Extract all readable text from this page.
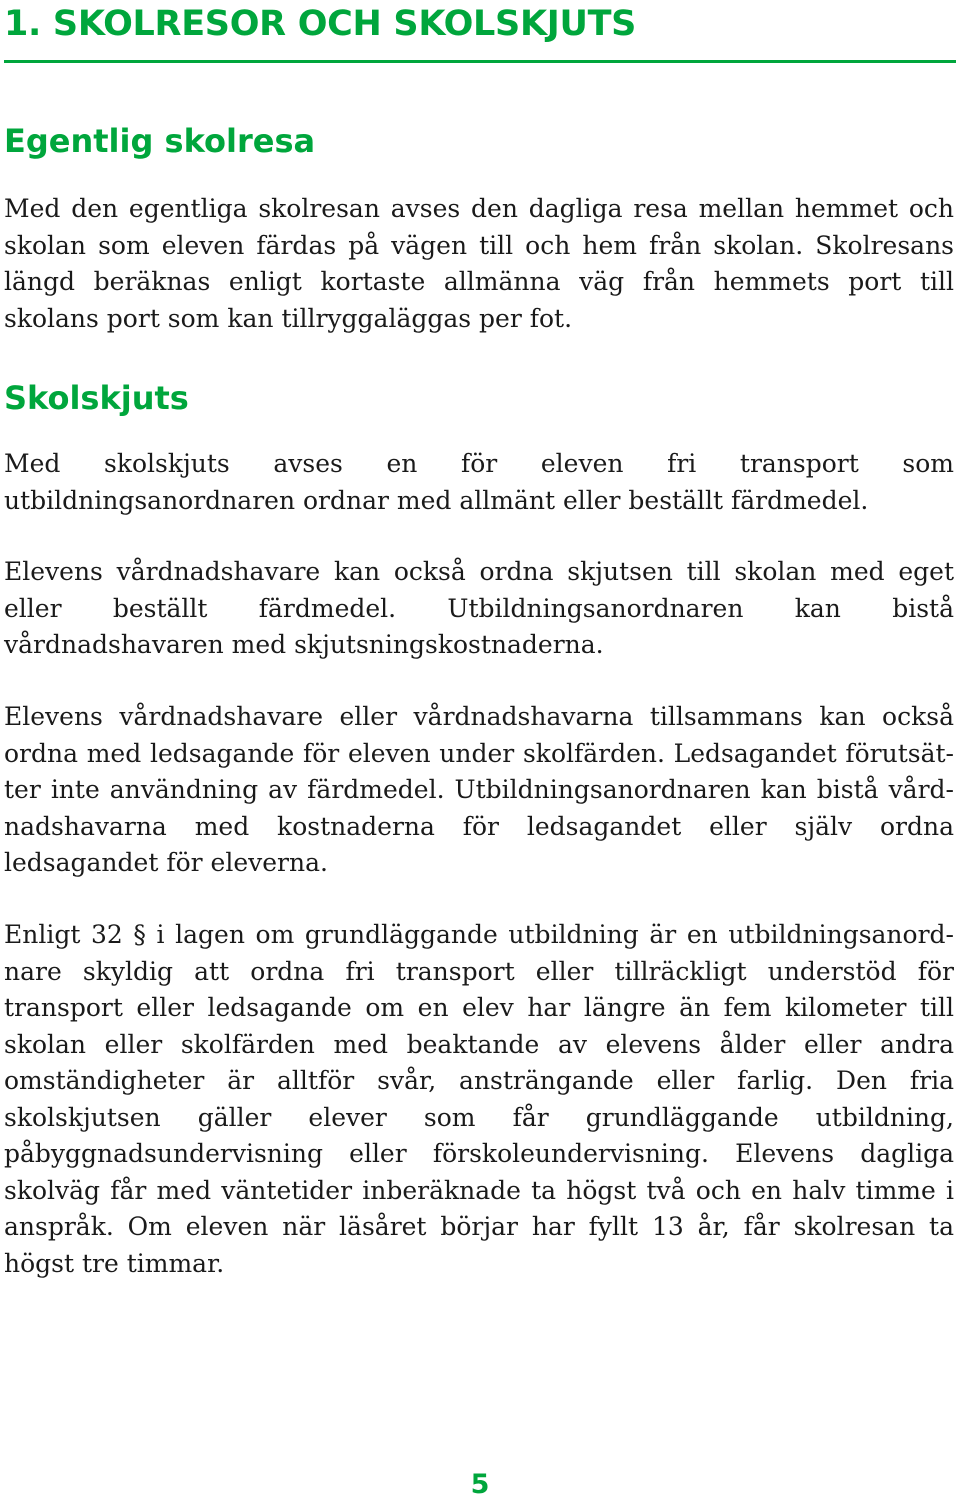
1. SKOLRESOR OCH SKOLSKJUTS
Egentlig skolresa

Med den egentliga skolresan avses den dagliga resa mellan hemmet och skolan som eleven färdas på vägen till och hem från skolan. Skolresans längd beräknas enligt kortaste allmänna väg från hemmets port till skolans port som kan tillryggaläggas per fot.

Skolskjuts

Med skolskjuts avses en för eleven fri transport som utbildningsanordnaren ordnar med allmänt eller beställt färdmedel.

Elevens vårdnadshavare kan också ordna skjutsen till skolan med eget eller beställt färdmedel. Utbildningsanordnaren kan bistå vårdnadshavaren med skjutsningskostnaderna.

Elevens vårdnadshavare eller vårdnadshavarna tillsammans kan också ordna med ledsagande för eleven under skolfärden. Ledsagandet förutsätter inte användning av färdmedel. Utbildningsanordnaren kan bistå vårdnadshavarna med kostnaderna för ledsagandet eller själv ordna ledsagandet för eleverna.

Enligt 32 § i lagen om grundläggande utbildning är en utbildningsanordnare skyldig att ordna fri transport eller tillräckligt understöd för transport eller ledsagande om en elev har längre än fem kilometer till skolan eller skolfärden med beaktande av elevens ålder eller andra omständigheter är alltför svår, ansträngande eller farlig. Den fria skolskjutsen gäller elever som får grundläggande utbildning, påbyggnadsundervisning eller förskoleundervisning. Elevens dagliga skolväg får med väntetider inberäknade ta högst två och en halv timme i anspråk. Om eleven när läsåret börjar har fyllt 13 år, får skolresan ta högst tre timmar.

5
